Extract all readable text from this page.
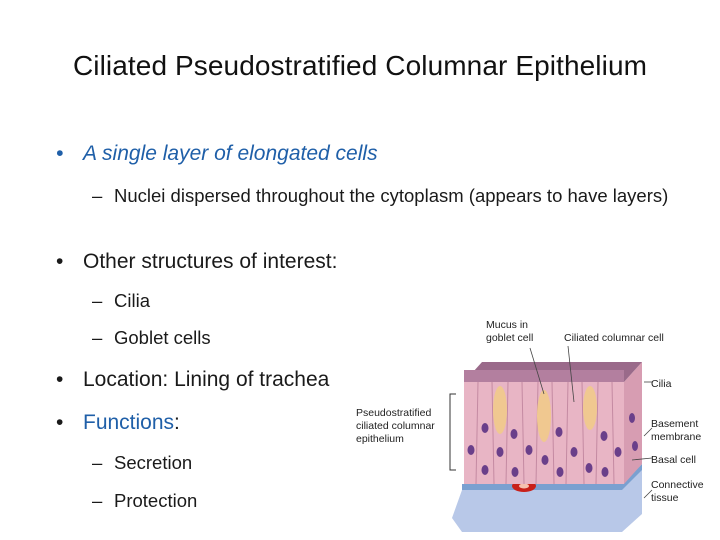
Ciliated Pseudostratified Columnar Epithelium
• A single layer of elongated cells
– Nuclei dispersed throughout the cytoplasm (appears to have layers)
• Other structures of interest:
– Cilia
– Goblet cells
• Location: Lining of trachea
• Functions:
– Secretion
– Protection
Mucus in
goblet cell	Ciliated columnar cell
Cilia
Pseudostratified
ciliated columnar
epithelium
Basement
membrane
Basal cell
Connective
tissue
